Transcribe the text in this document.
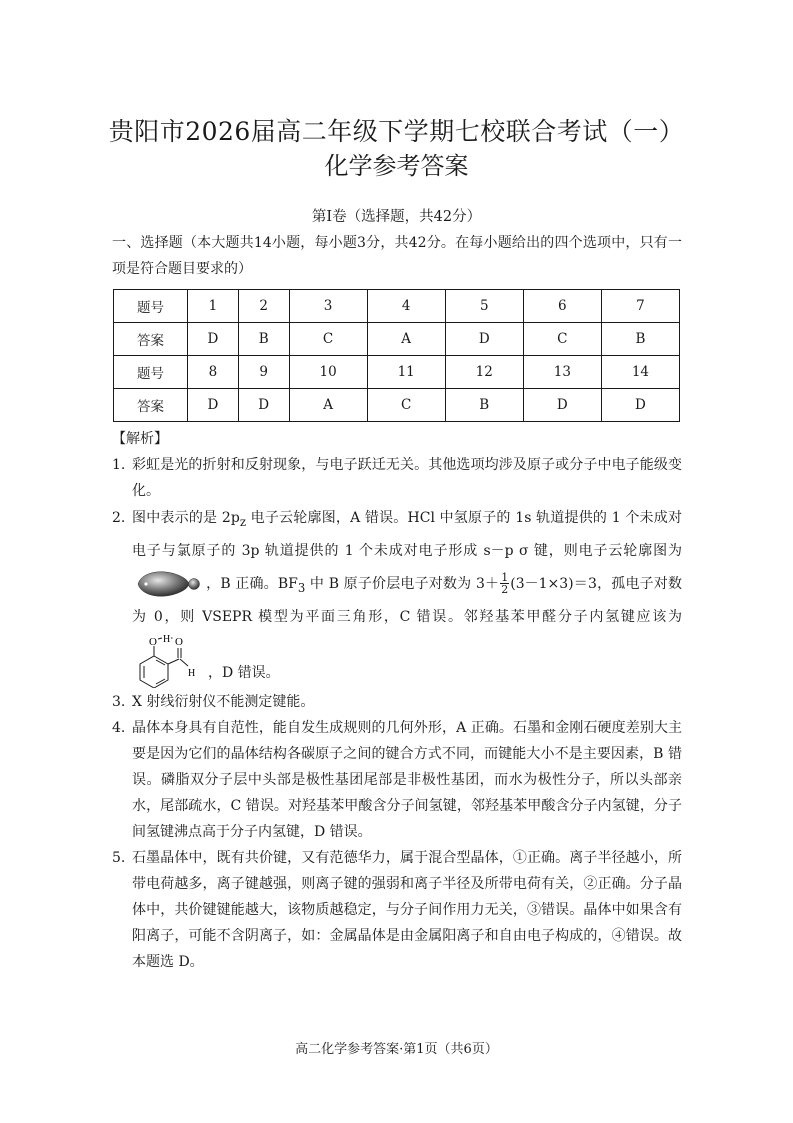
贵阳市2026届高二年级下学期七校联合考试（一）
化学参考答案
第Ⅰ卷（选择题，共42分）
一、选择题（本大题共14小题，每小题3分，共42分。在每小题给出的四个选项中，只有一项是符合题目要求的）
题号	1	2	3	4	5	6	7
答案	D	B	C	A	D	C	B
题号	8	9	10	11	12	13	14
答案	D	D	A	C	B	D	D
【解析】
1. 彩虹是光的折射和反射现象，与电子跃迁无关。其他选项均涉及原子或分子中电子能级变化。
2. 图中表示的是 $2p_z$ 电子云轮廓图，A 错误。HCl 中氢原子的 1s 轨道提供的 1 个未成对电子与氯原子的 3p 轨道提供的 1 个未成对电子形成 s－p σ 键，则电子云轮廓图为 ，B 正确。$BF_3$ 中 B 原子价层电子对数为 $3+ \frac{1}{2} (3-1\times 3)=3$，孤电子对数为 0，则 VSEPR 模型为平面三角形，C 错误。邻羟基苯甲醛分子内氢键应该为
O H O
H ，D 错误。
3. X 射线衍射仪不能测定键能。
4. 晶体本身具有自范性，能自发生成规则的几何外形，A 正确。石墨和金刚石硬度差别大主要是因为它们的晶体结构各碳原子之间的键合方式不同，而键能大小不是主要因素，B 错误。磷脂双分子层中头部是极性基团尾部是非极性基团，而水为极性分子，所以头部亲水，尾部疏水，C 错误。对羟基苯甲酸含分子间氢键，邻羟基苯甲酸含分子内氢键，分子间氢键沸点高于分子内氢键，D 错误。
5. 石墨晶体中，既有共价键，又有范德华力，属于混合型晶体，①正确。离子半径越小，所带电荷越多，离子键越强，则离子键的强弱和离子半径及所带电荷有关，②正确。分子晶体中，共价键键能越大，该物质越稳定，与分子间作用力无关，③错误。晶体中如果含有阳离子，可能不含阴离子，如：金属晶体是由金属阳离子和自由电子构成的，④错误。故本题选 D。
高二化学参考答案·第1页（共6页）
